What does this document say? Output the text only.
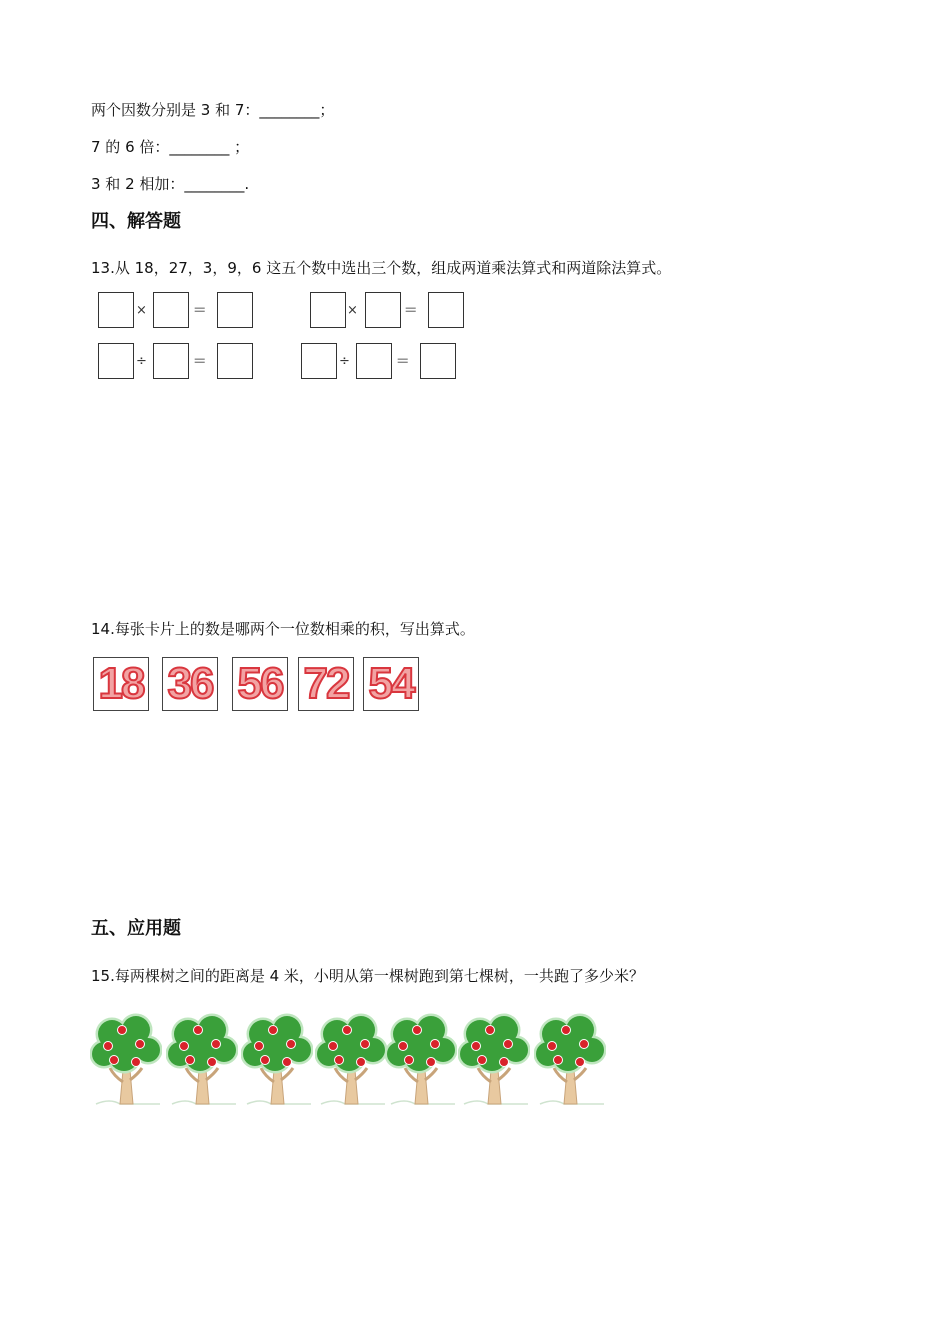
两个因数分别是 3 和 7：________；
7 的 6 倍：________ ；
3 和 2 相加：________.
四、解答题
13.从 18，27，3，9，6 这五个数中选出三个数，组成两道乘法算式和两道除法算式。
×	=	×	=
÷	=	÷	=
14.每张卡片上的数是哪两个一位数相乘的积，写出算式。
18 36 56 72 54
五、应用题
15.每两棵树之间的距离是 4 米，小明从第一棵树跑到第七棵树，一共跑了多少米？
